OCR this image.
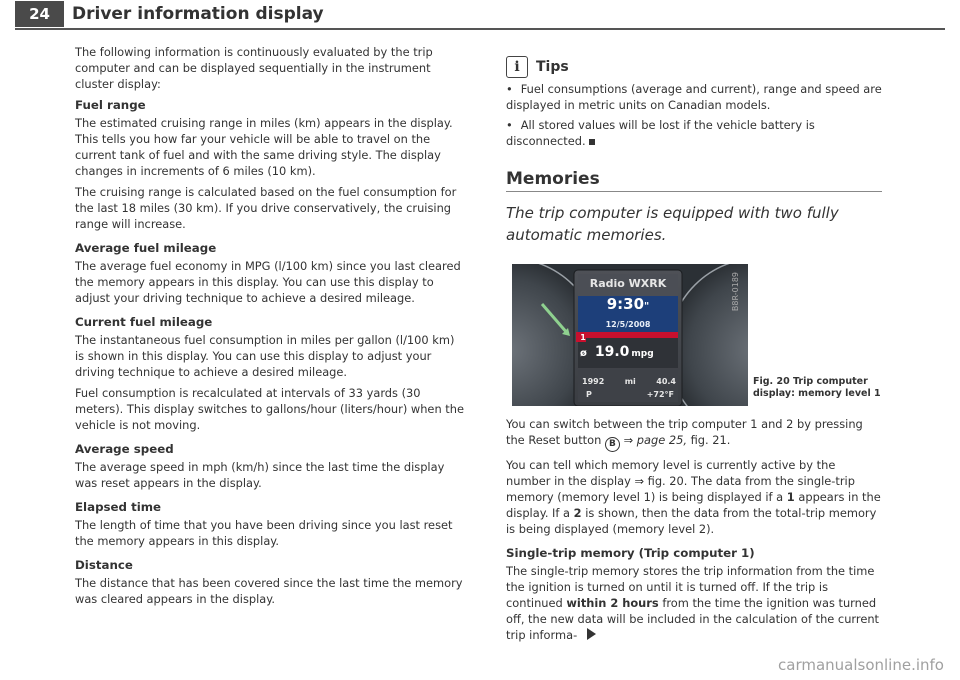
24	Driver information display

The following information is continuously evaluated by the trip computer and can be displayed sequentially in the instrument cluster display:

Fuel range

The estimated cruising range in miles (km) appears in the display. This tells you how far your vehicle will be able to travel on the current tank of fuel and with the same driving style. The display changes in increments of 6 miles (10 km).

The cruising range is calculated based on the fuel consumption for the last 18 miles (30 km). If you drive conservatively, the cruising range will increase.

Average fuel mileage

The average fuel economy in MPG (l/100 km) since you last cleared the memory appears in this display. You can use this display to adjust your driving technique to achieve a desired mileage.

Current fuel mileage

The instantaneous fuel consumption in miles per gallon (l/100 km) is shown in this display. You can use this display to adjust your driving technique to achieve a desired mileage.

Fuel consumption is recalculated at intervals of 33 yards (30 meters). This display switches to gallons/hour (liters/hour) when the vehicle is not moving.

Average speed

The average speed in mph (km/h) since the last time the display was reset appears in the display.

Elapsed time

The length of time that you have been driving since you last reset the memory appears in this display.

Distance

The distance that has been covered since the last time the memory was cleared appears in the display.

i	Tips

• Fuel consumptions (average and current), range and speed are displayed in metric units on Canadian models.

• All stored values will be lost if the vehicle battery is disconnected.

Memories
The trip computer is equipped with two fully automatic memories.
Radio WXRK
9:30"
12/5/2008
1
ø 19.0 mpg
1992	mi	40.4
P	+72°F
B8R-0189
Fig. 20 Trip computer
display: memory level 1

You can switch between the trip computer 1 and 2 by pressing the Reset button B ⇒ page 25, fig. 21.

You can tell which memory level is currently active by the number in the display ⇒ fig. 20. The data from the single-trip memory (memory level 1) is being displayed if a 1 appears in the display. If a 2 is shown, then the data from the total-trip memory is being displayed (memory level 2).

Single-trip memory (Trip computer 1)

The single-trip memory stores the trip information from the time the ignition is turned on until it is turned off. If the trip is continued within 2 hours from the time the ignition was turned off, the new data will be included in the calculation of the current trip informa-

carmanualsonline.info
